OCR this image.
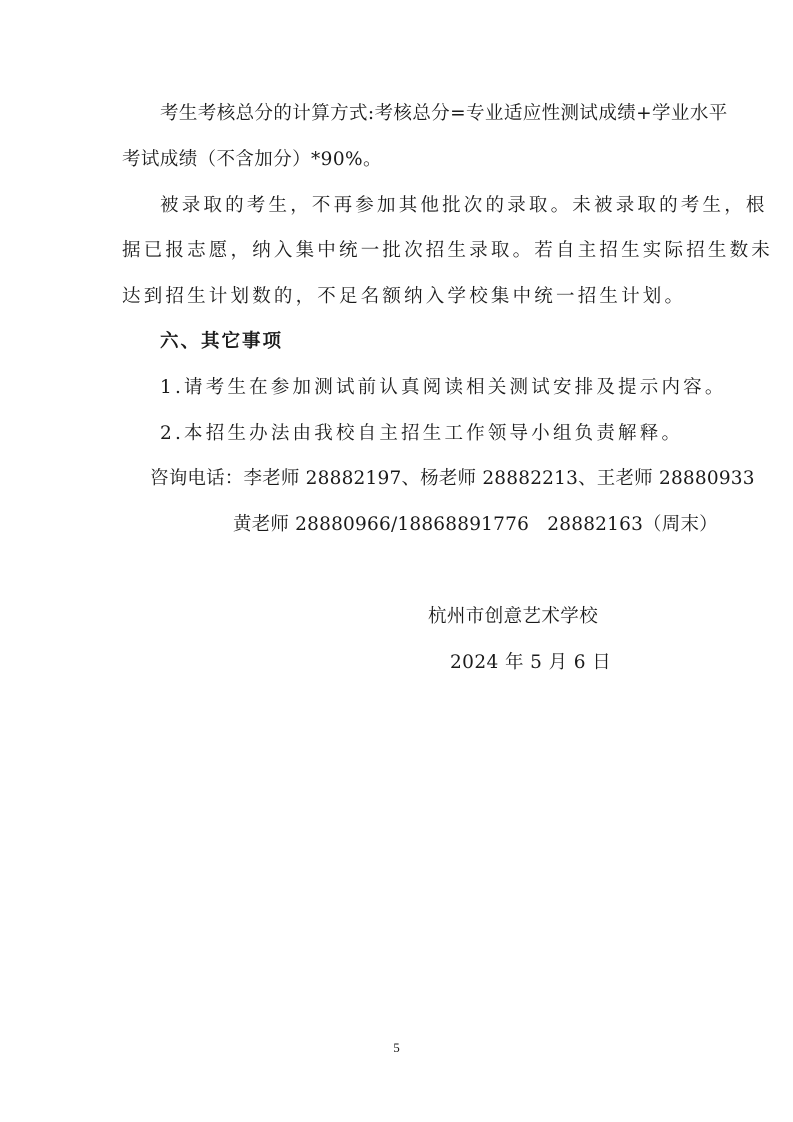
考生考核总分的计算方式:考核总分=专业适应性测试成绩+学业水平
考试成绩（不含加分）*90%。
被录取的考生，不再参加其他批次的录取。未被录取的考生，根
据已报志愿，纳入集中统一批次招生录取。若自主招生实际招生数未
达到招生计划数的，不足名额纳入学校集中统一招生计划。
六、其它事项
1.请考生在参加测试前认真阅读相关测试安排及提示内容。
2.本招生办法由我校自主招生工作领导小组负责解释。
咨询电话：李老师 28882197、杨老师 28882213、王老师 28880933
黄老师 28880966/18868891776   28882163（周末）
杭州市创意艺术学校
2024 年 5 月 6 日
5
